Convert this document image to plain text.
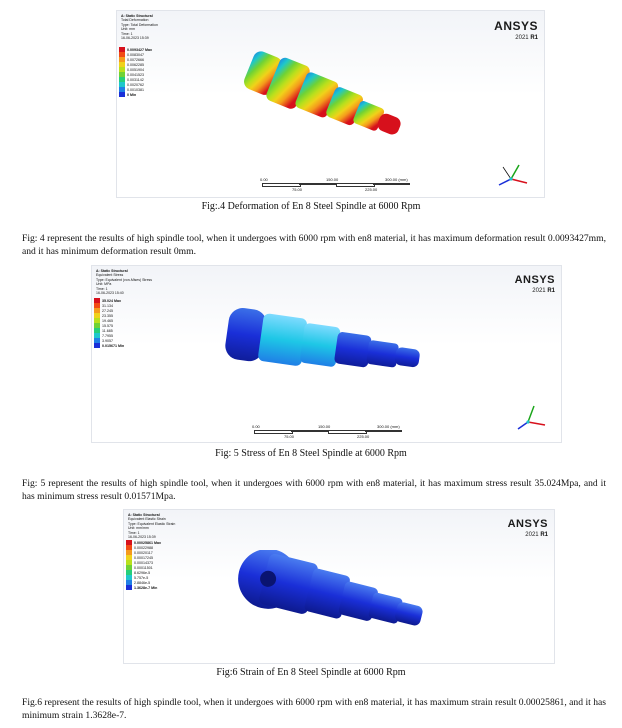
A: Static Structural
Total Deformation
Type: Total Deformation
Unit: mm
Time: 1
16-06-2023 15:39
0.0093427 Max
0.0083047
0.0072666
0.0062285
0.0051904
0.0041523
0.0031142
0.0020762
0.0010381
0 Min
ANSYS
2021 R1
0.00	150.00	300.00 (mm)
75.00	225.00
Fig:.4 Deformation of En 8 Steel Spindle at 6000 Rpm
Fig: 4 represent the results of high spindle tool, when it undergoes with 6000 rpm with en8 material, it has maximum deformation result 0.0093427mm, and it has minimum deformation result 0mm.
A: Static Structural
Equivalent Stress
Type: Equivalent (von-Mises) Stress
Unit: MPa
Time: 1
16-06-2023 15:40
35.024 Max
31.134
27.245
23.355
19.465
15.575
11.685
7.7955
3.9057
0.015671 Min
ANSYS
2021 R1
0.00	150.00	300.00 (mm)
75.00	225.00
Fig: 5 Stress of En 8 Steel Spindle at 6000 Rpm
Fig: 5 represent the results of high spindle tool, when it undergoes with 6000 rpm with en8 material, it has maximum stress result 35.024Mpa, and it has minimum stress result 0.01571Mpa.
A: Static Structural
Equivalent Elastic Strain
Type: Equivalent Elastic Strain
Unit: mm/mm
Time: 1
16-06-2023 15:39
0.00025861 Max
0.00022988
0.00020117
0.00017245
0.00014373
0.00011501
8.6296e-5
5.757e-5
2.8846e-5
1.3628e-7 Min
ANSYS
2021 R1
Fig:6 Strain of En 8 Steel Spindle at 6000 Rpm
Fig.6 represent the results of high spindle tool, when it undergoes with 6000 rpm with en8 material, it has maximum strain result 0.00025861, and it has minimum strain 1.3628e-7.
